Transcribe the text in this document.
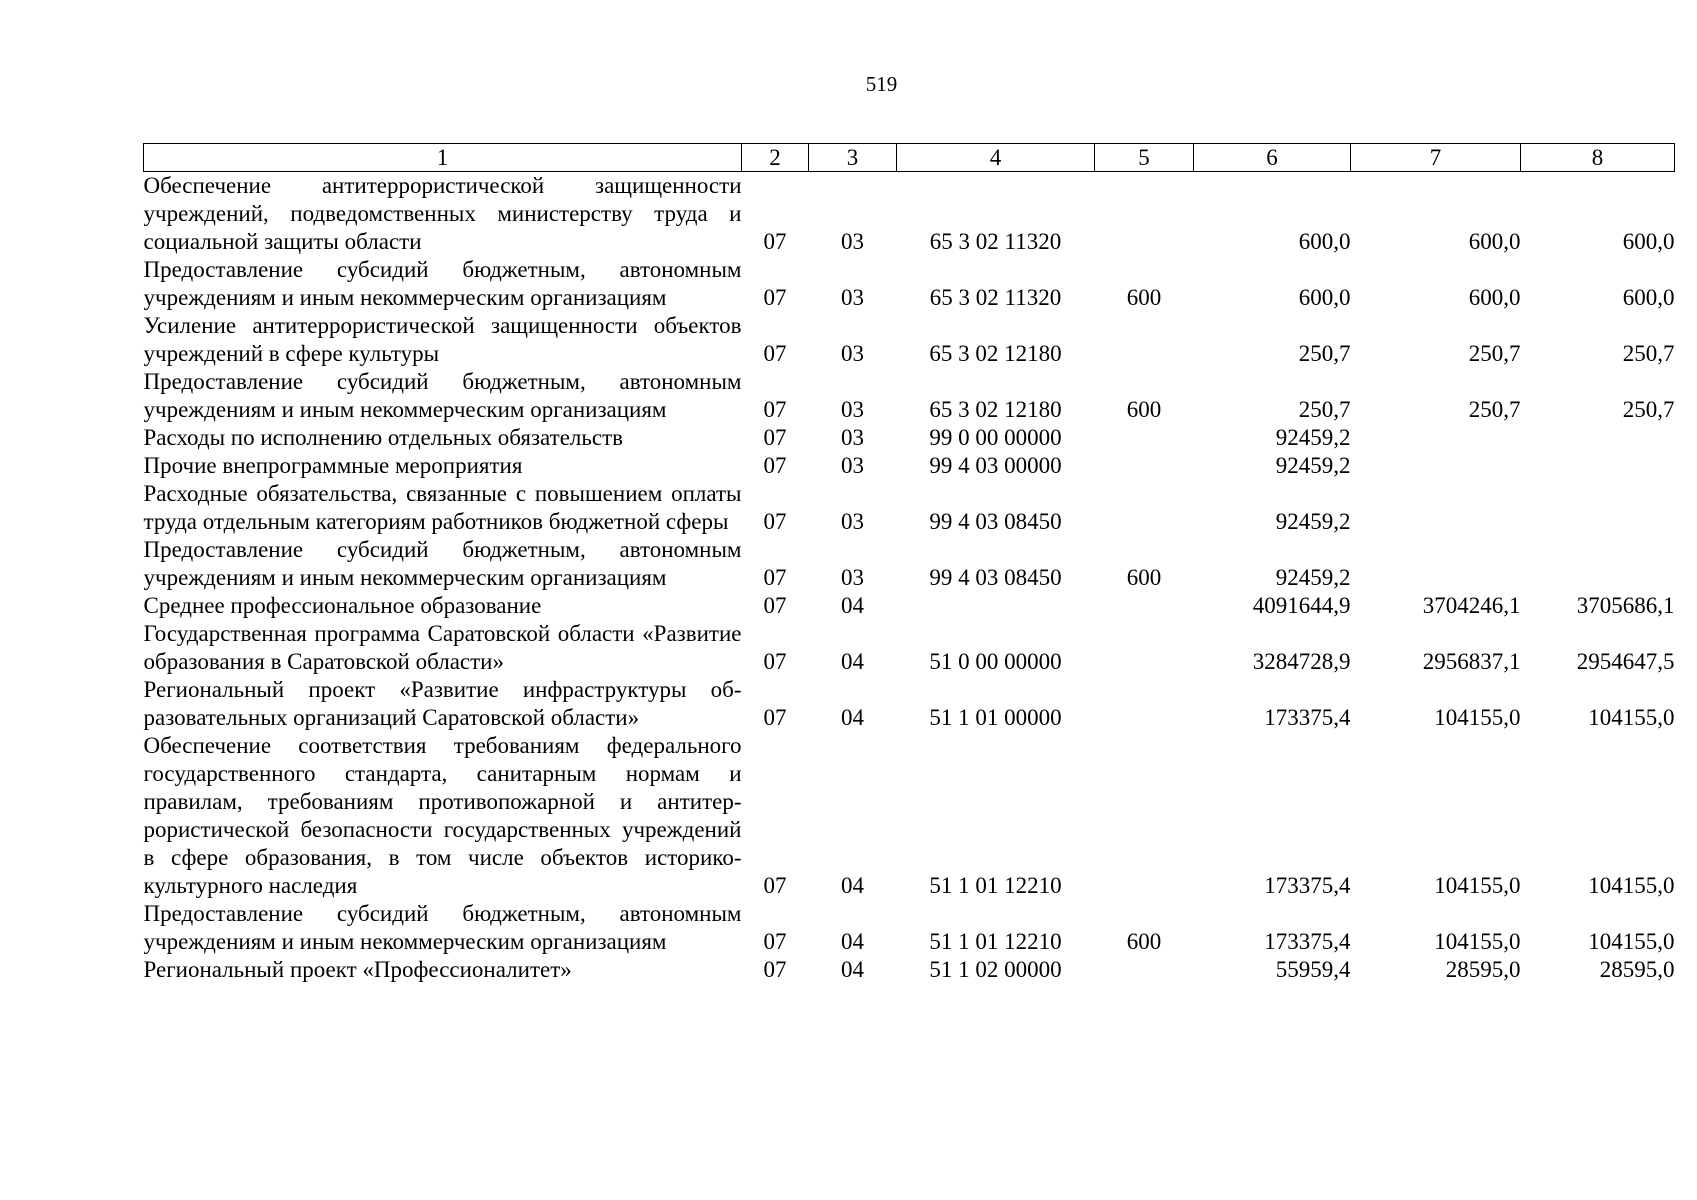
519
1	2	3	4	5	6	7	8
Обеспечение антитеррористической защищенности учреждений, подведомственных министерству труда и социальной защиты области	07	03	65 3 02 11320		600,0	600,0	600,0
Предоставление субсидий бюджетным, автономным учреждениям и иным некоммерческим организациям	07	03	65 3 02 11320	600	600,0	600,0	600,0
Усиление антитеррористической защищенности объектов учреждений в сфере культуры	07	03	65 3 02 12180		250,7	250,7	250,7
Предоставление субсидий бюджетным, автономным учреждениям и иным некоммерческим организациям	07	03	65 3 02 12180	600	250,7	250,7	250,7
Расходы по исполнению отдельных обязательств	07	03	99 0 00 00000		92459,2		
Прочие внепрограммные мероприятия	07	03	99 4 03 00000		92459,2		
Расходные обязательства, связанные с повышением оплаты труда отдельным категориям работников бюджетной сферы	07	03	99 4 03 08450		92459,2		
Предоставление субсидий бюджетным, автономным учреждениям и иным некоммерческим организациям	07	03	99 4 03 08450	600	92459,2		
Среднее профессиональное образование	07	04			4091644,9	3704246,1	3705686,1
Государственная программа Саратовской области «Развитие образования в Саратовской области»	07	04	51 0 00 00000		3284728,9	2956837,1	2954647,5
Региональный проект «Развитие инфраструктуры образовательных организаций Саратовской области»	07	04	51 1 01 00000		173375,4	104155,0	104155,0
Обеспечение соответствия требованиям федерального государственного стандарта, санитарным нормам и правилам, требованиям противопожарной и антитеррористической безопасности государственных учреждений в сфере образования, в том числе объектов историко-культурного наследия	07	04	51 1 01 12210		173375,4	104155,0	104155,0
Предоставление субсидий бюджетным, автономным учреждениям и иным некоммерческим организациям	07	04	51 1 01 12210	600	173375,4	104155,0	104155,0
Региональный проект «Профессионалитет»	07	04	51 1 02 00000		55959,4	28595,0	28595,0
